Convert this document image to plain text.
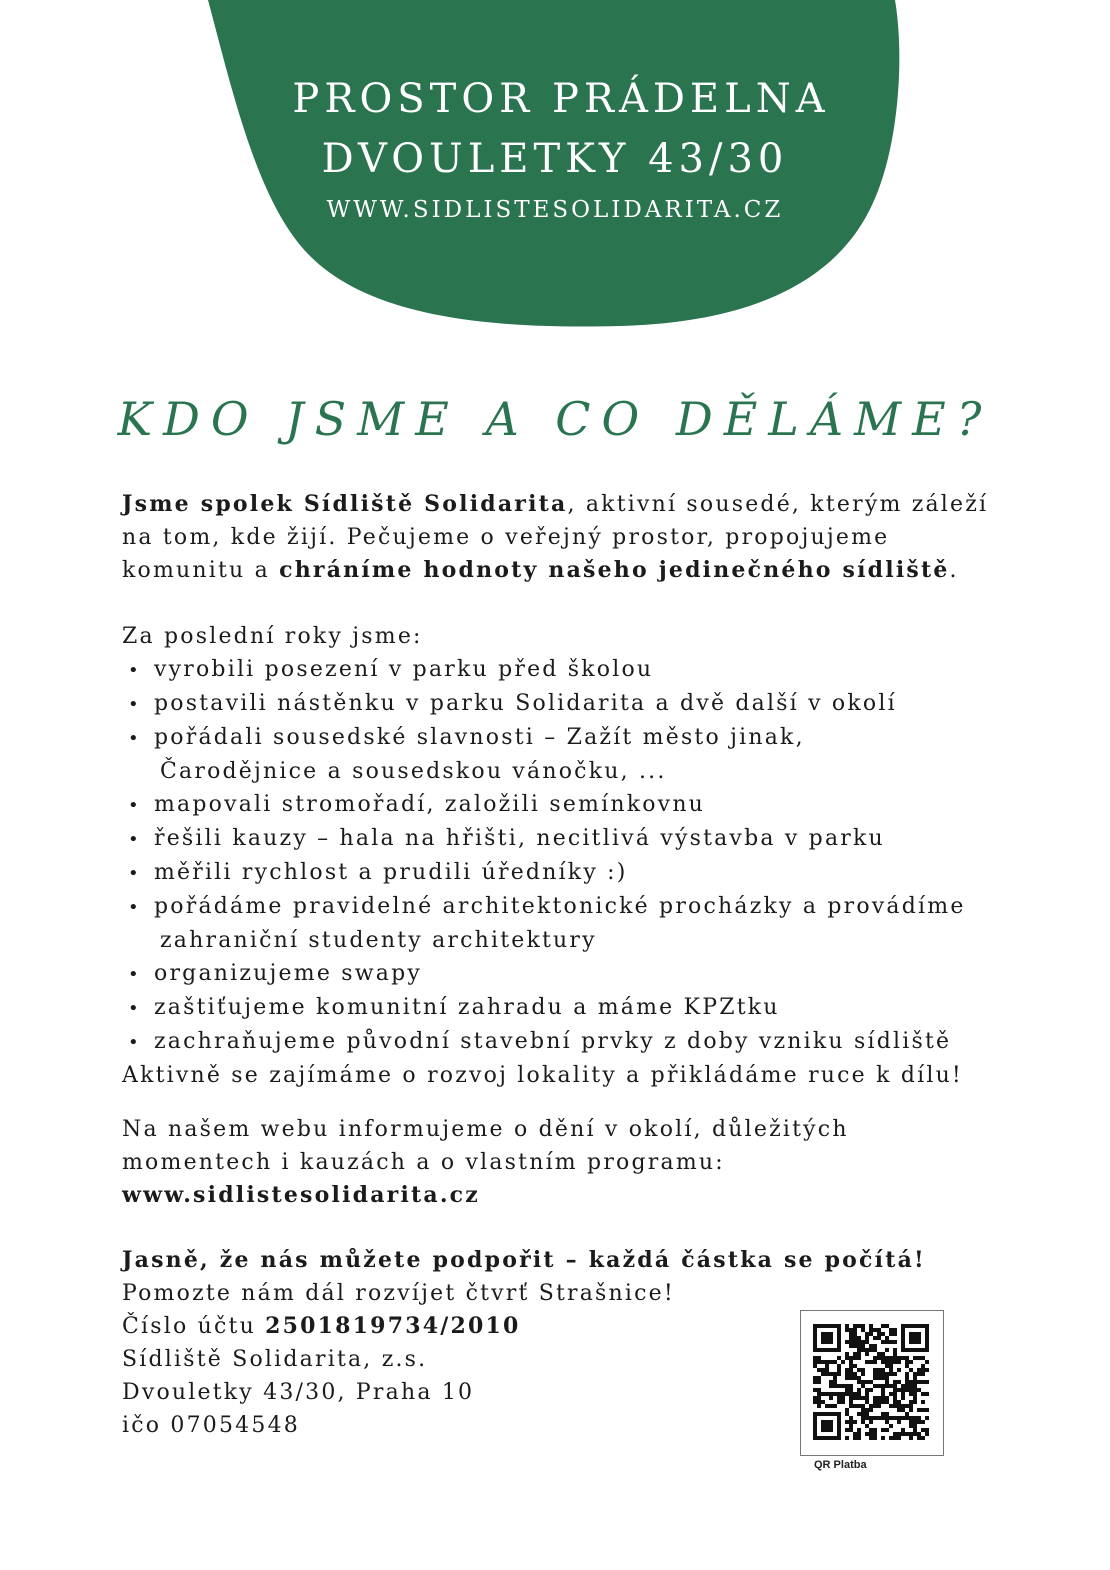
PROSTOR PRÁDELNA
DVOULETKY 43/30
WWW.SIDLISTESOLIDARITA.CZ
KDO JSME A CO DĚLÁME?
Jsme spolek Sídliště Solidarita, aktivní sousedé, kterým záleží
na tom, kde žijí. Pečujeme o veřejný prostor, propojujeme
komunitu a chráníme hodnoty našeho jedinečného sídliště.
Za poslední roky jsme:
• vyrobili posezení v parku před školou
• postavili nástěnku v parku Solidarita a dvě další v okolí
• pořádali sousedské slavnosti – Zažít město jinak,
Čarodějnice a sousedskou vánočku, ...
• mapovali stromořadí, založili semínkovnu
• řešili kauzy – hala na hřišti, necitlivá výstavba v parku
• měřili rychlost a prudili úředníky :)
• pořádáme pravidelné architektonické procházky a provádíme
zahraniční studenty architektury
• organizujeme swapy
• zaštiťujeme komunitní zahradu a máme KPZtku
• zachraňujeme původní stavební prvky z doby vzniku sídliště
Aktivně se zajímáme o rozvoj lokality a přikládáme ruce k dílu!
Na našem webu informujeme o dění v okolí, důležitých
momentech i kauzách a o vlastním programu:
www.sidlistesolidarita.cz
Jasně, že nás můžete podpořit – každá částka se počítá!
Pomozte nám dál rozvíjet čtvrť Strašnice!
Číslo účtu 2501819734/2010
Sídliště Solidarita, z.s.
Dvouletky 43/30, Praha 10
ičo 07054548
QR Platba
